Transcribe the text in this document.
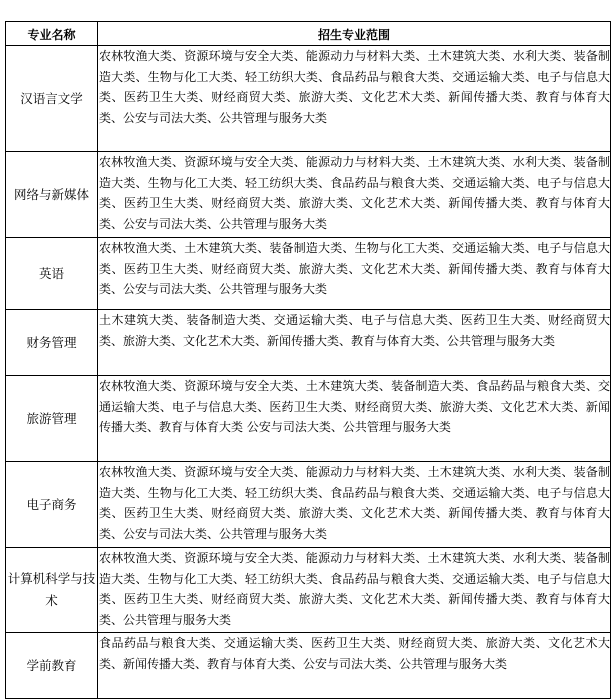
专业名称	招生专业范围
汉语言文学	农林牧渔大类、资源环境与安全大类、能源动力与材料大类、土木建筑大类、水利大类、装备制造大类、生物与化工大类、轻工纺织大类、食品药品与粮食大类、交通运输大类、电子与信息大类、医药卫生大类、财经商贸大类、旅游大类、文化艺术大类、新闻传播大类、教育与体育大类、公安与司法大类、公共管理与服务大类
网络与新媒体	农林牧渔大类、资源环境与安全大类、能源动力与材料大类、土木建筑大类、水利大类、装备制造大类、生物与化工大类、轻工纺织大类、食品药品与粮食大类、交通运输大类、电子与信息大类、医药卫生大类、财经商贸大类、旅游大类、文化艺术大类、新闻传播大类、教育与体育大类、公安与司法大类、公共管理与服务大类
英语	农林牧渔大类、土木建筑大类、装备制造大类、生物与化工大类、交通运输大类、电子与信息大类、医药卫生大类、财经商贸大类、旅游大类、文化艺术大类、新闻传播大类、教育与体育大类、公安与司法大类、公共管理与服务大类
财务管理	土木建筑大类、装备制造大类、交通运输大类、电子与信息大类、医药卫生大类、财经商贸大类、旅游大类、文化艺术大类、新闻传播大类、教育与体育大类、公共管理与服务大类
旅游管理	农林牧渔大类、资源环境与安全大类、土木建筑大类、装备制造大类、食品药品与粮食大类、交通运输大类、电子与信息大类、医药卫生大类、财经商贸大类、旅游大类、文化艺术大类、新闻传播大类、教育与体育大类 公安与司法大类、公共管理与服务大类
电子商务	农林牧渔大类、资源环境与安全大类、能源动力与材料大类、土木建筑大类、水利大类、装备制造大类、生物与化工大类、轻工纺织大类、食品药品与粮食大类、交通运输大类、电子与信息大类、医药卫生大类、财经商贸大类、旅游大类、文化艺术大类、新闻传播大类、教育与体育大类、公安与司法大类、公共管理与服务大类
计算机科学与技术	农林牧渔大类、资源环境与安全大类、能源动力与材料大类、土木建筑大类、水利大类、装备制造大类、生物与化工大类、轻工纺织大类、食品药品与粮食大类、交通运输大类、电子与信息大类、医药卫生大类、财经商贸大类、旅游大类、文化艺术大类、新闻传播大类、教育与体育大类、公共管理与服务大类
学前教育	食品药品与粮食大类、交通运输大类、医药卫生大类、财经商贸大类、旅游大类、文化艺术大类、新闻传播大类、教育与体育大类、公安与司法大类、公共管理与服务大类
